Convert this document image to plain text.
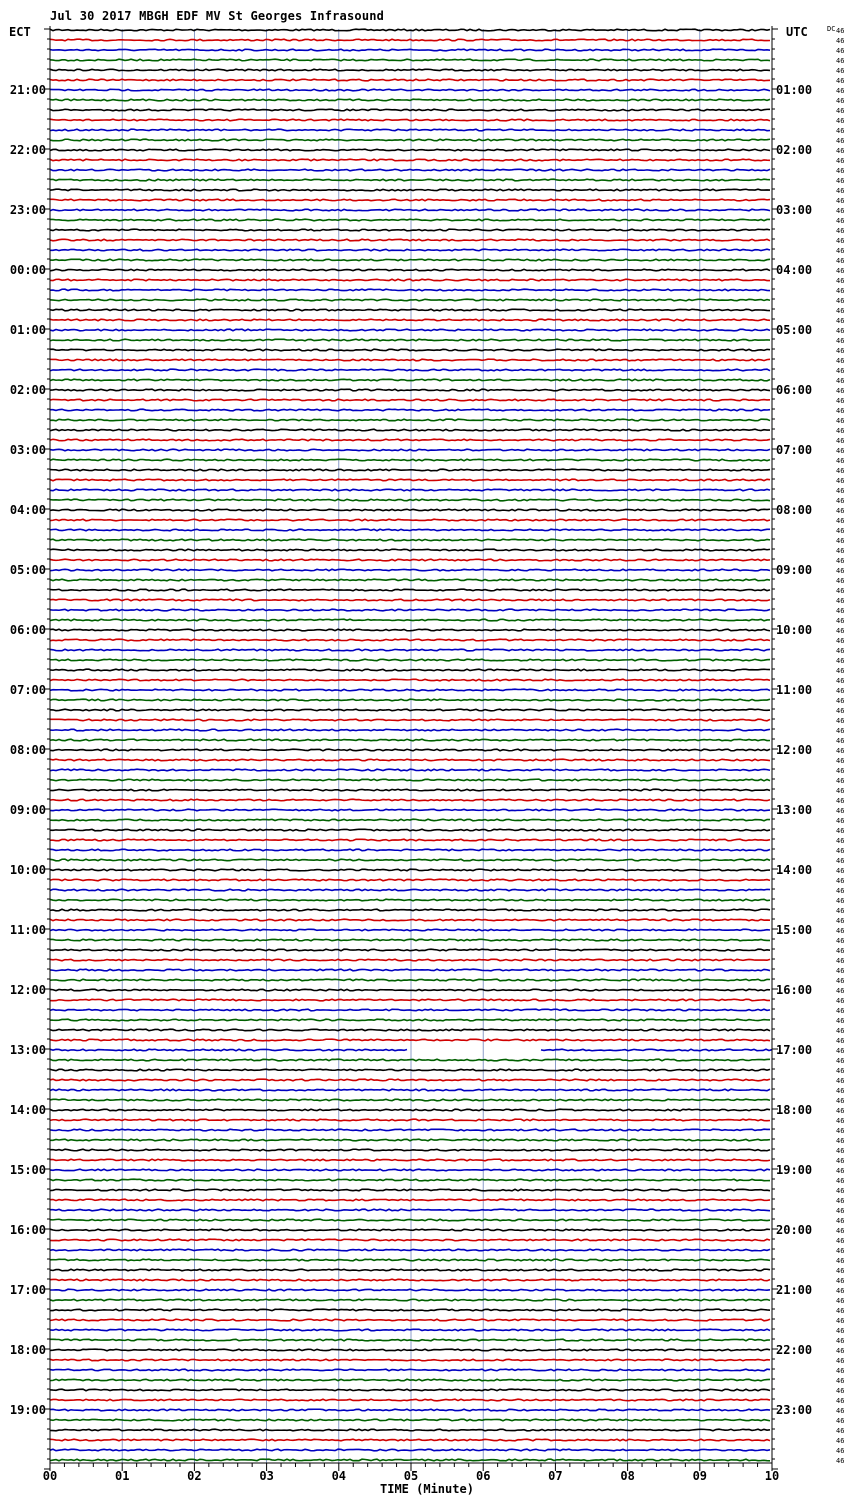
Jul 30 2017 MBGH EDF MV St Georges Infrasound
ECT	UTC	DC
TIME (Minute)
46
46
46
46
46
46
46
46
46
46
46
46
46
46
46
46
46
46
46
46
46
46
46
46
46
46
46
46
46
46
46
46
46
46
46
46
46
46
46
46
46
46
46
46
46
46
46
46
46
46
46
46
46
46
46
46
46
46
46
46
46
46
46
46
46
46
46
46
46
46
46
46
46
46
46
46
46
46
46
46
46
46
46
46
46
46
46
46
46
46
46
46
46
46
46
46
46
46
46
46
46
46
46
46
46
46
46
46
46
46
46
46
46
46
46
46
46
46
46
46
46
46
46
46
46
46
46
46
46
46
46
46
46
46
46
46
46
46
46
46
46
46
46
46
00	01	02	03	04	05	06	07	08	09	10
21:00
22:00
23:00
00:00
01:00
02:00
03:00
04:00
05:00
06:00
07:00
08:00
09:00
10:00
11:00
12:00
13:00
14:00
15:00
16:00
17:00
18:00
19:00
01:00
02:00
03:00
04:00
05:00
06:00
07:00
08:00
09:00
10:00
11:00
12:00
13:00
14:00
15:00
16:00
17:00
18:00
19:00
20:00
21:00
22:00
23:00
